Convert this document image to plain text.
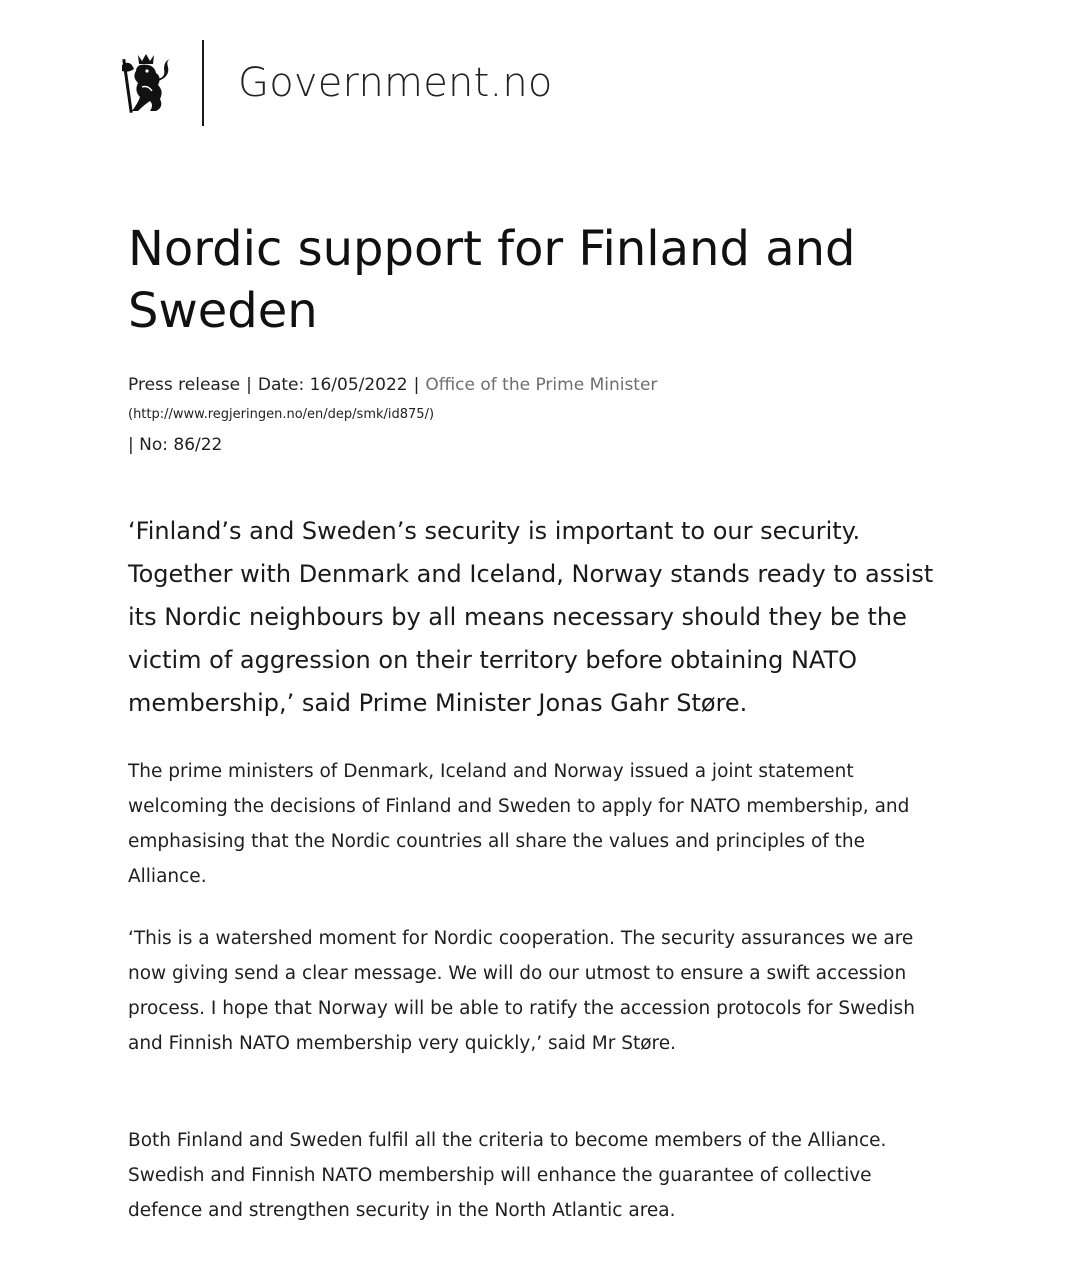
Government.no
Nordic support for Finland and Sweden
Press release | Date: 16/05/2022 | Office of the Prime Minister
(http://www.regjeringen.no/en/dep/smk/id875/)
| No: 86/22

‘Finland’s and Sweden’s security is important to our security. Together with Denmark and Iceland, Norway stands ready to assist its Nordic neighbours by all means necessary should they be the victim of aggression on their territory before obtaining NATO membership,’ said Prime Minister Jonas Gahr Støre.

The prime ministers of Denmark, Iceland and Norway issued a joint statement welcoming the decisions of Finland and Sweden to apply for NATO membership, and emphasising that the Nordic countries all share the values and principles of the Alliance.

‘This is a watershed moment for Nordic cooperation. The security assurances we are now giving send a clear message. We will do our utmost to ensure a swift accession process. I hope that Norway will be able to ratify the accession protocols for Swedish and Finnish NATO membership very quickly,’ said Mr Støre.

Both Finland and Sweden fulfil all the criteria to become members of the Alliance. Swedish and Finnish NATO membership will enhance the guarantee of collective defence and strengthen security in the North Atlantic area.
